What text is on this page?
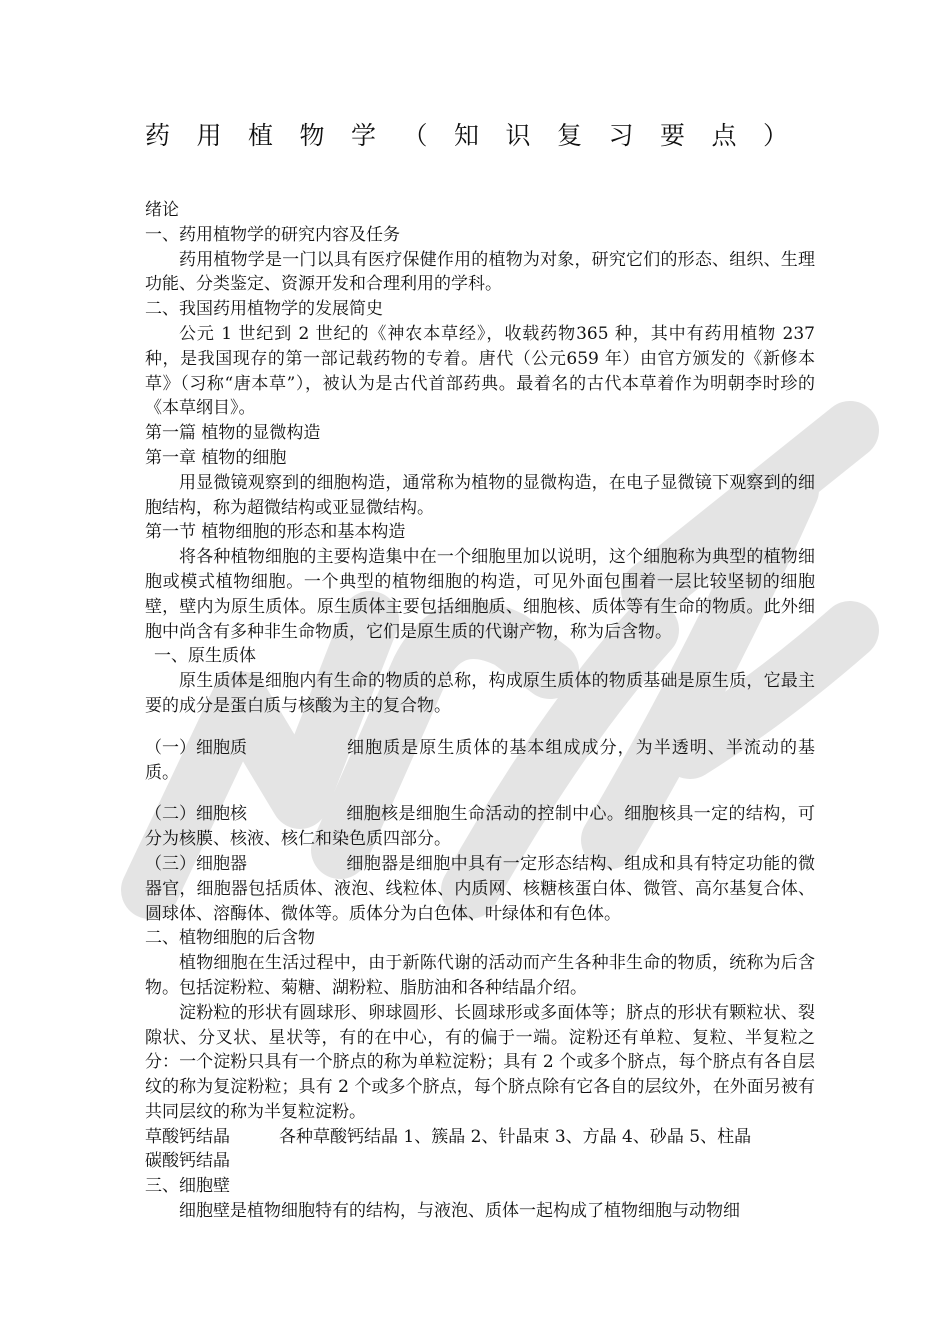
药用植物学（知识复习要点）

绪论

一、药用植物学的研究内容及任务

药用植物学是一门以具有医疗保健作用的植物为对象，研究它们的形态、组织、生理功能、分类鉴定、资源开发和合理利用的学科。

二、我国药用植物学的发展简史

公元 1 世纪到 2 世纪的《神农本草经》，收载药物365 种，其中有药用植物 237 种，是我国现存的第一部记载药物的专着。唐代（公元659 年）由官方颁发的《新修本草》（习称“唐本草”），被认为是古代首部药典。最着名的古代本草着作为明朝李时珍的《本草纲目》。

第一篇 植物的显微构造

第一章 植物的细胞

用显微镜观察到的细胞构造，通常称为植物的显微构造，在电子显微镜下观察到的细胞结构，称为超微结构或亚显微结构。

第一节 植物细胞的形态和基本构造

将各种植物细胞的主要构造集中在一个细胞里加以说明，这个细胞称为典型的植物细胞或模式植物细胞。一个典型的植物细胞的构造，可见外面包围着一层比较坚韧的细胞壁，壁内为原生质体。原生质体主要包括细胞质、细胞核、质体等有生命的物质。此外细胞中尚含有多种非生命物质，它们是原生质的代谢产物，称为后含物。

一、原生质体

原生质体是细胞内有生命的物质的总称，构成原生质体的物质基础是原生质，它最主要的成分是蛋白质与核酸为主的复合物。

（一）细胞质	细胞质是原生质体的基本组成成分，为半透明、半流动的基质。

（二）细胞核	细胞核是细胞生命活动的控制中心。细胞核具一定的结构，可分为核膜、核液、核仁和染色质四部分。

（三）细胞器	细胞器是细胞中具有一定形态结构、组成和具有特定功能的微器官，细胞器包括质体、液泡、线粒体、内质网、核糖核蛋白体、微管、高尔基复合体、圆球体、溶酶体、微体等。质体分为白色体、叶绿体和有色体。

二、植物细胞的后含物

植物细胞在生活过程中，由于新陈代谢的活动而产生各种非生命的物质，统称为后含物。包括淀粉粒、菊糖、湖粉粒、脂肪油和各种结晶介绍。

淀粉粒的形状有圆球形、卵球圆形、长圆球形或多面体等；脐点的形状有颗粒状、裂隙状、分叉状、星状等，有的在中心，有的偏于一端。淀粉还有单粒、复粒、半复粒之分：一个淀粉只具有一个脐点的称为单粒淀粉；具有 2 个或多个脐点，每个脐点有各自层纹的称为复淀粉粒；具有 2 个或多个脐点，每个脐点除有它各自的层纹外，在外面另被有共同层纹的称为半复粒淀粉。

草酸钙结晶	各种草酸钙结晶 1、簇晶 2、针晶束 3、方晶 4、砂晶 5、柱晶

碳酸钙结晶

三、细胞壁

细胞壁是植物细胞特有的结构，与液泡、质体一起构成了植物细胞与动物细
